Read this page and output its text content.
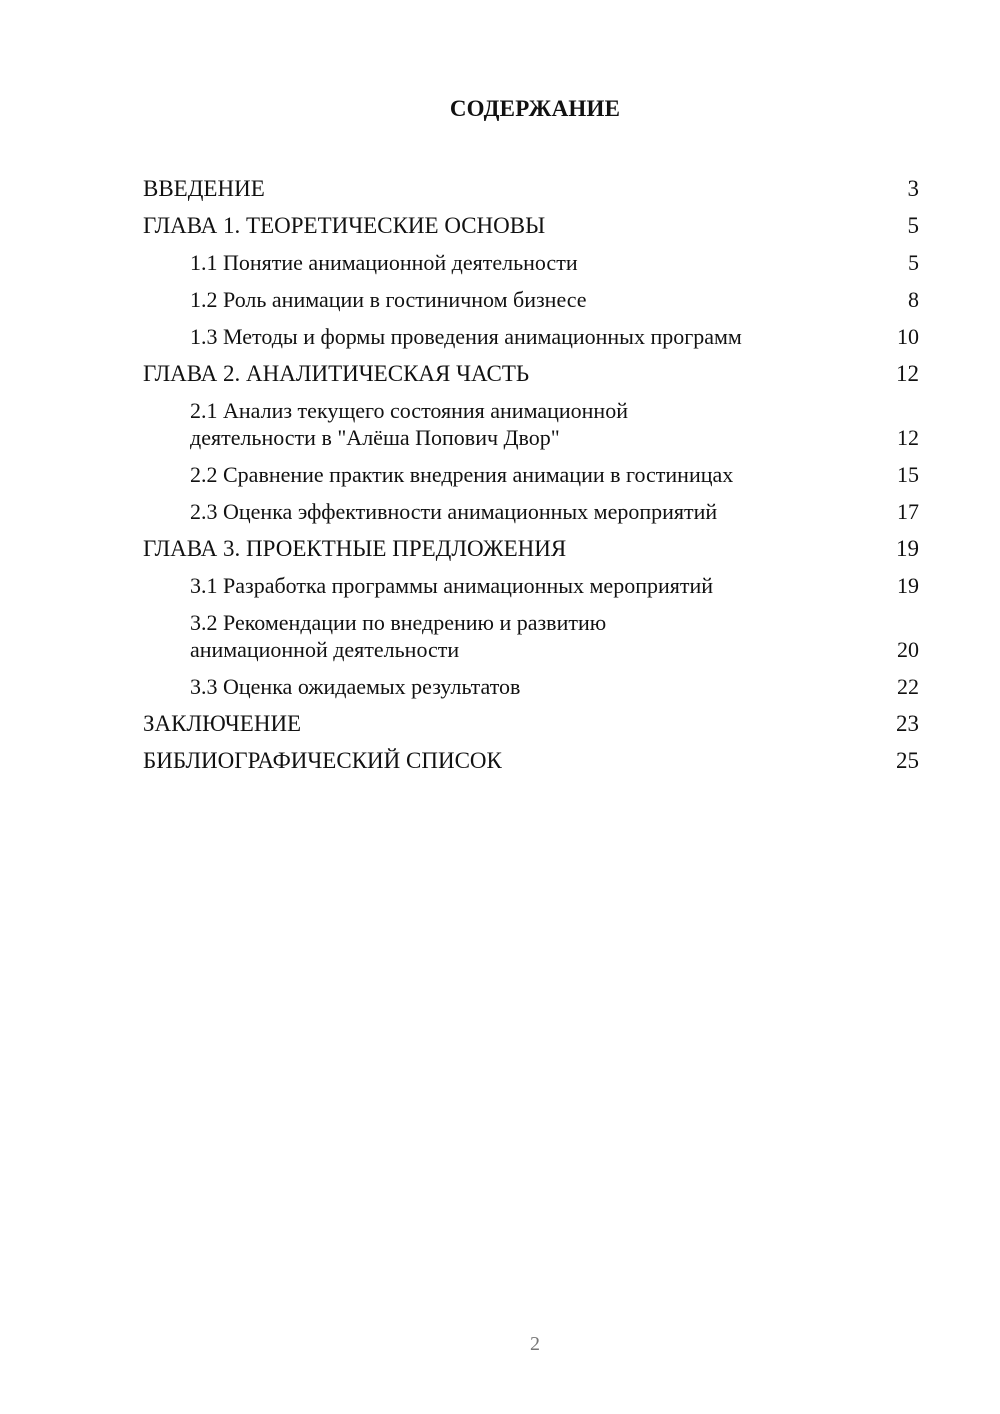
СОДЕРЖАНИЕ
ВВЕДЕНИЕ	3
ГЛАВА 1. ТЕОРЕТИЧЕСКИЕ ОСНОВЫ	5
1.1 Понятие анимационной деятельности	5
1.2 Роль анимации в гостиничном бизнесе	8
1.3 Методы и формы проведения анимационных программ	10
ГЛАВА 2. АНАЛИТИЧЕСКАЯ ЧАСТЬ	12
2.1 Анализ текущего состояния анимационной
деятельности в "Алёша Попович Двор"	12
2.2 Сравнение практик внедрения анимации в гостиницах	15
2.3 Оценка эффективности анимационных мероприятий	17
ГЛАВА 3. ПРОЕКТНЫЕ ПРЕДЛОЖЕНИЯ	19
3.1 Разработка программы анимационных мероприятий	19
3.2 Рекомендации по внедрению и развитию
анимационной деятельности	20
3.3 Оценка ожидаемых результатов	22
ЗАКЛЮЧЕНИЕ	23
БИБЛИОГРАФИЧЕСКИЙ СПИСОК	25
2
